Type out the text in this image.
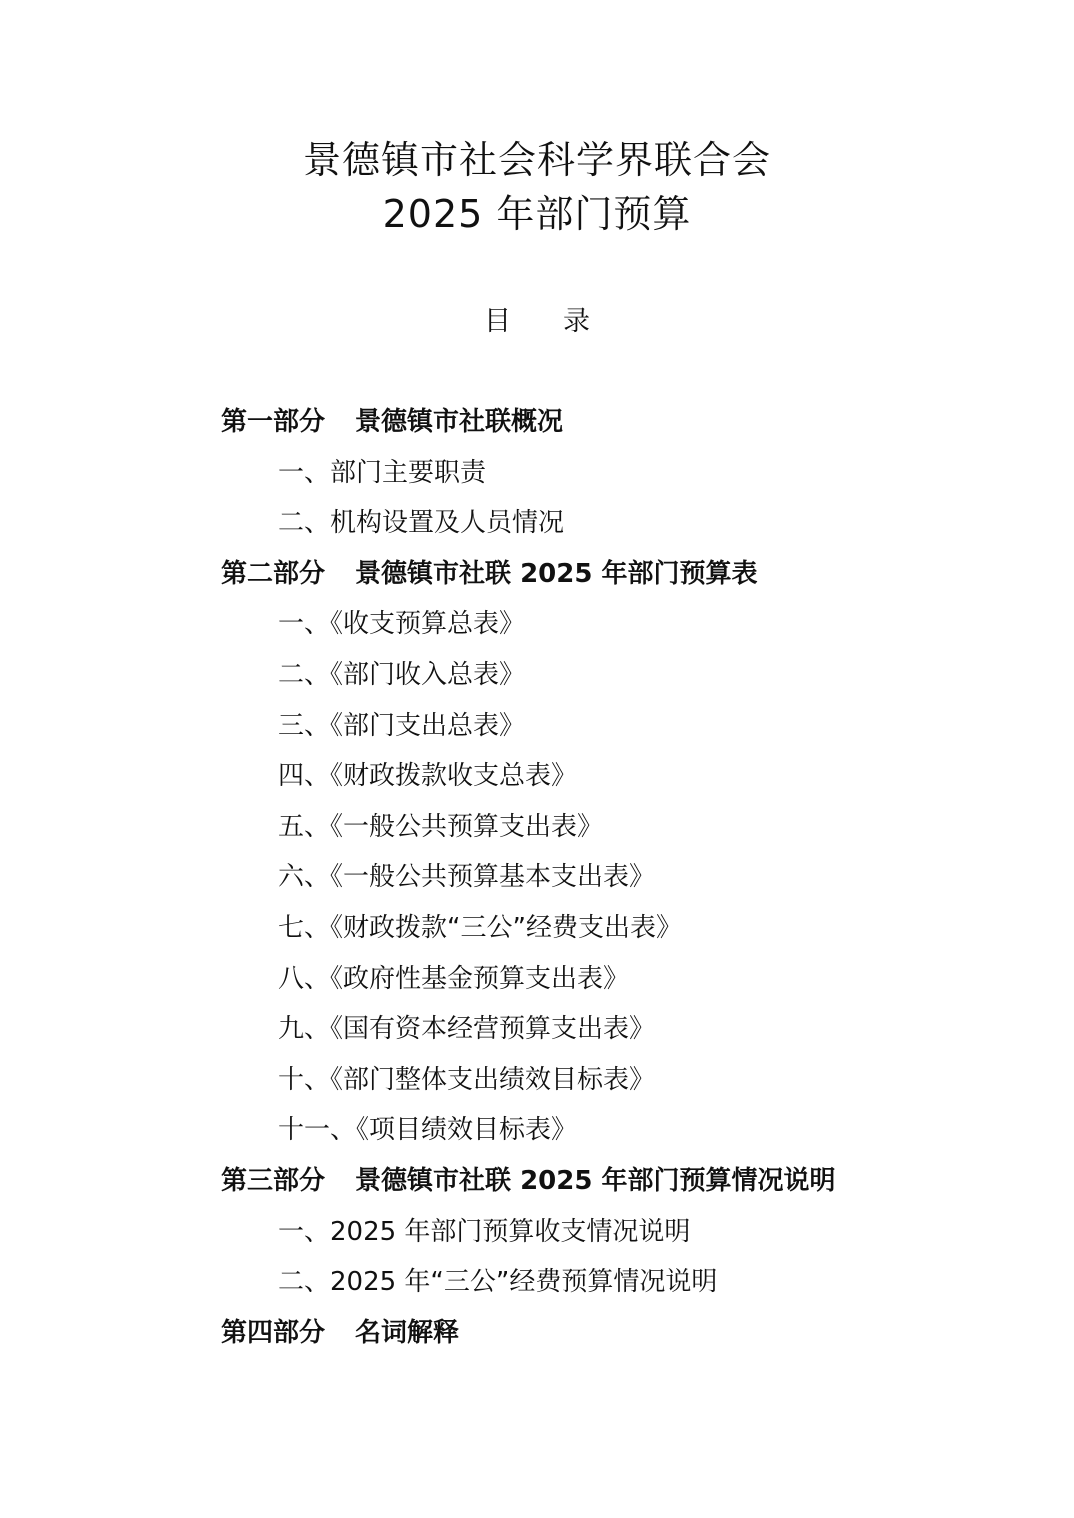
景德镇市社会科学界联合会
2025 年部门预算
目 录
第一部分 景德镇市社联概况
一、部门主要职责
二、机构设置及人员情况
第二部分 景德镇市社联 2025 年部门预算表
一、《收支预算总表》
二、《部门收入总表》
三、《部门支出总表》
四、《财政拨款收支总表》
五、《一般公共预算支出表》
六、《一般公共预算基本支出表》
七、《财政拨款“三公”经费支出表》
八、《政府性基金预算支出表》
九、《国有资本经营预算支出表》
十、《部门整体支出绩效目标表》
十一、《项目绩效目标表》
第三部分 景德镇市社联 2025 年部门预算情况说明
一、2025 年部门预算收支情况说明
二、2025 年“三公”经费预算情况说明
第四部分 名词解释
